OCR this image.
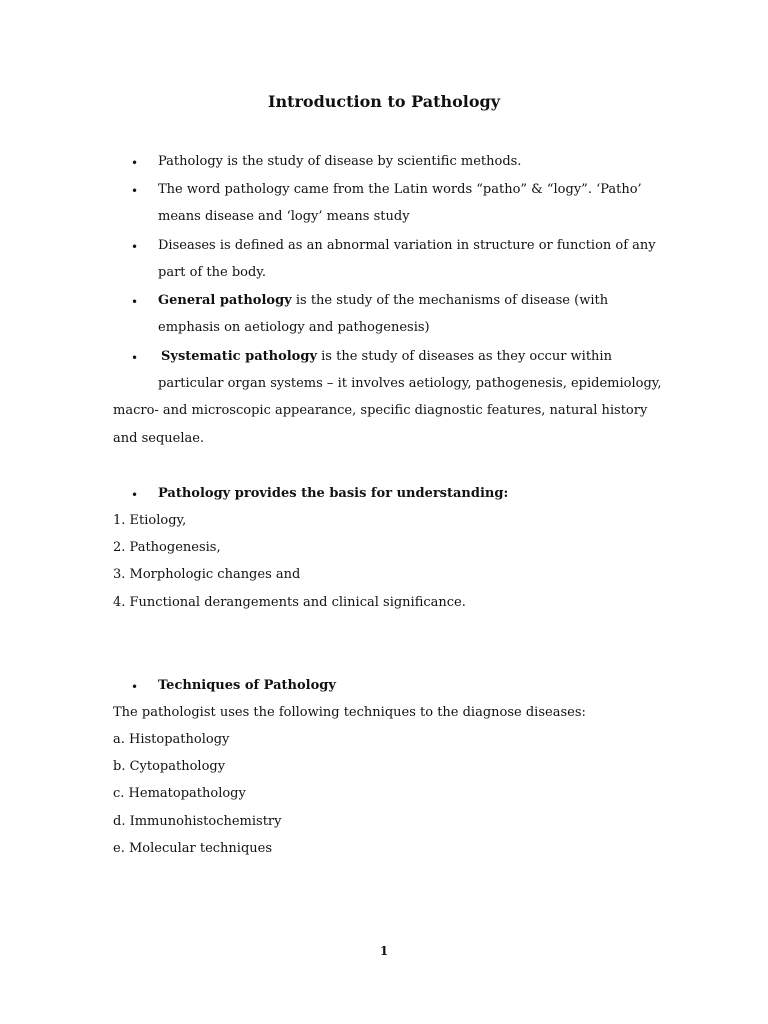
Introduction to Pathology
• Pathology is the study of disease by scientific methods.
• The word pathology came from the Latin words “patho” & “logy”. ‘Patho’
means disease and ‘logy’ means study
• Diseases is defined as an abnormal variation in structure or function of any
part of the body.
• General pathology is the study of the mechanisms of disease (with
emphasis on aetiology and pathogenesis)
• Systematic pathology is the study of diseases as they occur within
particular organ systems – it involves aetiology, pathogenesis, epidemiology,
macro- and microscopic appearance, specific diagnostic features, natural history
and sequelae.
• Pathology provides the basis for understanding:
1. Etiology,
2. Pathogenesis,
3. Morphologic changes and
4. Functional derangements and clinical significance.
• Techniques of Pathology
The pathologist uses the following techniques to the diagnose diseases:
a. Histopathology
b. Cytopathology
c. Hematopathology
d. Immunohistochemistry
e. Molecular techniques
1
